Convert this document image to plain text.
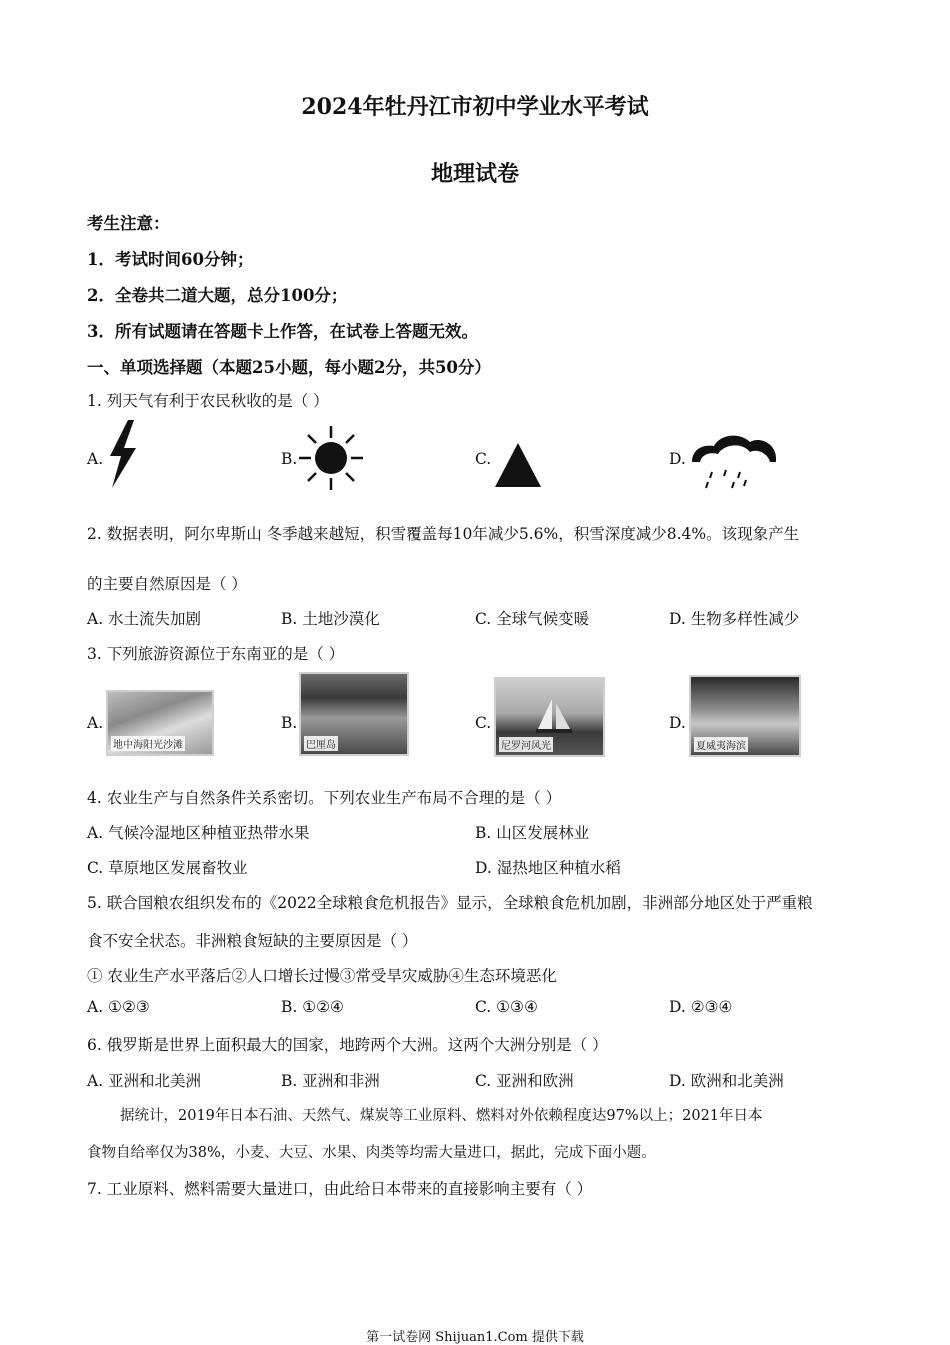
2024年牡丹江市初中学业水平考试
地理试卷
考生注意：
1．考试时间60分钟；
2．全卷共二道大题，总分100分；
3．所有试题请在答题卡上作答，在试卷上答题无效。
一、单项选择题（本题25小题，每小题2分，共50分）
1. 列天气有利于农民秋收的是（ ）
A.	B.	C.	D.
2. 数据表明，阿尔卑斯山 冬季越来越短，积雪覆盖每10年减少5.6%，积雪深度减少8.4%。该现象产生
的主要自然原因是（ ）
A. 水土流失加剧	B. 土地沙漠化	C. 全球气候变暖	D. 生物多样性减少
3. 下列旅游资源位于东南亚的是（ ）
A.
地中海阳光沙滩
B.
巴厘岛
C.
尼罗河风光
D.
夏威夷海滨
4. 农业生产与自然条件关系密切。下列农业生产布局不合理的是（ ）
A. 气候冷湿地区种植亚热带水果	B. 山区发展林业
C. 草原地区发展畜牧业	D. 湿热地区种植水稻
5. 联合国粮农组织发布的《2022全球粮食危机报告》显示，全球粮食危机加剧，非洲部分地区处于严重粮
食不安全状态。非洲粮食短缺的主要原因是（ ）
① 农业生产水平落后②人口增长过慢③常受旱灾威胁④生态环境恶化
A. ①②③	B. ①②④	C. ①③④	D. ②③④
6. 俄罗斯是世界上面积最大的国家，地跨两个大洲。这两个大洲分别是（ ）
A. 亚洲和北美洲	B. 亚洲和非洲	C. 亚洲和欧洲	D. 欧洲和北美洲
据统计，2019年日本石油、天然气、煤炭等工业原料、燃料对外依赖程度达97%以上；2021年日本
食物自给率仅为38%，小麦、大豆、水果、肉类等均需大量进口，据此，完成下面小题。
7. 工业原料、燃料需要大量进口，由此给日本带来的直接影响主要有（ ）
第一试卷网 Shijuan1.Com 提供下载
